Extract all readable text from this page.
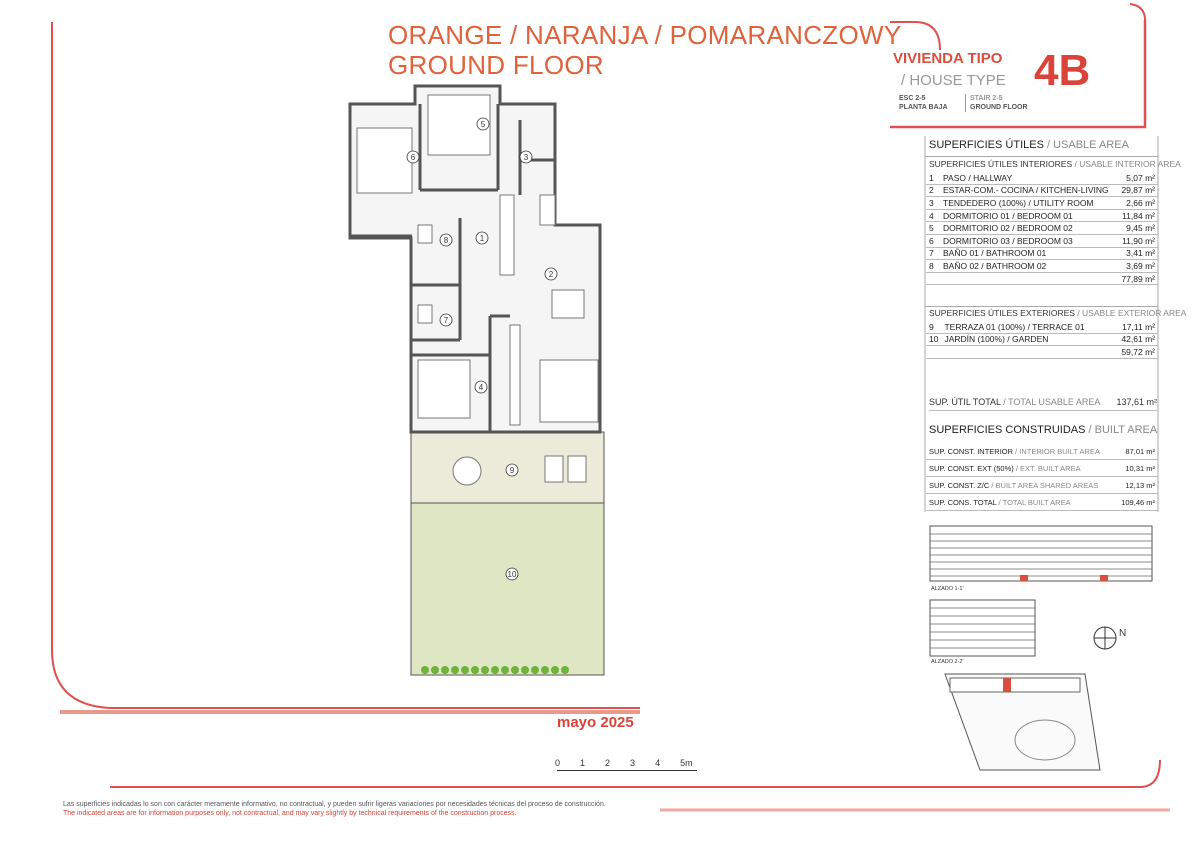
ORANGE / NARANJA / POMARANCZOWY
GROUND FLOOR	VIVIENDA TIPO
/ HOUSE TYPE 4B
ESC 2-5
PLANTA BAJA
STAIR 2-5
GROUND FLOOR
1
2
3
4
5
6
7
8
9
10
SUPERFICIES ÚTILES / USABLE AREA
SUPERFICIES ÚTILES INTERIORES / USABLE INTERIOR AREA
1	PASO / HALLWAY	5,07 m²
2	ESTAR-COM.- COCINA / KITCHEN-LIVING	29,87 m²
3	TENDEDERO (100%) / UTILITY ROOM	2,66 m²
4	DORMITORIO 01 / BEDROOM 01	11,84 m²
5	DORMITORIO 02 / BEDROOM 02	9,45 m²
6	DORMITORIO 03 / BEDROOM 03	11,90 m²
7	BAÑO 01 / BATHROOM 01	3,41 m²
8	BAÑO 02 / BATHROOM 02	3,69 m²
		77,89 m²
SUPERFICIES ÚTILES EXTERIORES / USABLE EXTERIOR AREA
9	TERRAZA 01 (100%) / TERRACE 01	17,11 m²
10	JARDÍN (100%) / GARDEN	42,61 m²
		59,72 m²
SUP. ÚTIL TOTAL / TOTAL USABLE AREA 137,61 m²
SUPERFICIES CONSTRUIDAS / BUILT AREA
SUP. CONST. INTERIOR / INTERIOR BUILT AREA	87,01 m²
SUP. CONST. EXT (50%) / EXT. BUILT AREA	10,31 m²
SUP. CONST. Z/C / BUILT AREA SHARED AREAS	12,13 m²
SUP. CONS. TOTAL / TOTAL BUILT AREA	109,46 m²
ALZADO 1-1'
ALZADO 2-2'
N
mayo 2025
0 1 2 3 4 5m
Las superficies indicadas lo son con carácter meramente informativo, no contractual, y pueden sufrir ligeras variaciones por necesidades técnicas del proceso de construcción.
The indicated areas are for information purposes only, not contractual, and may vary slightly by technical requirements of the construction process.
